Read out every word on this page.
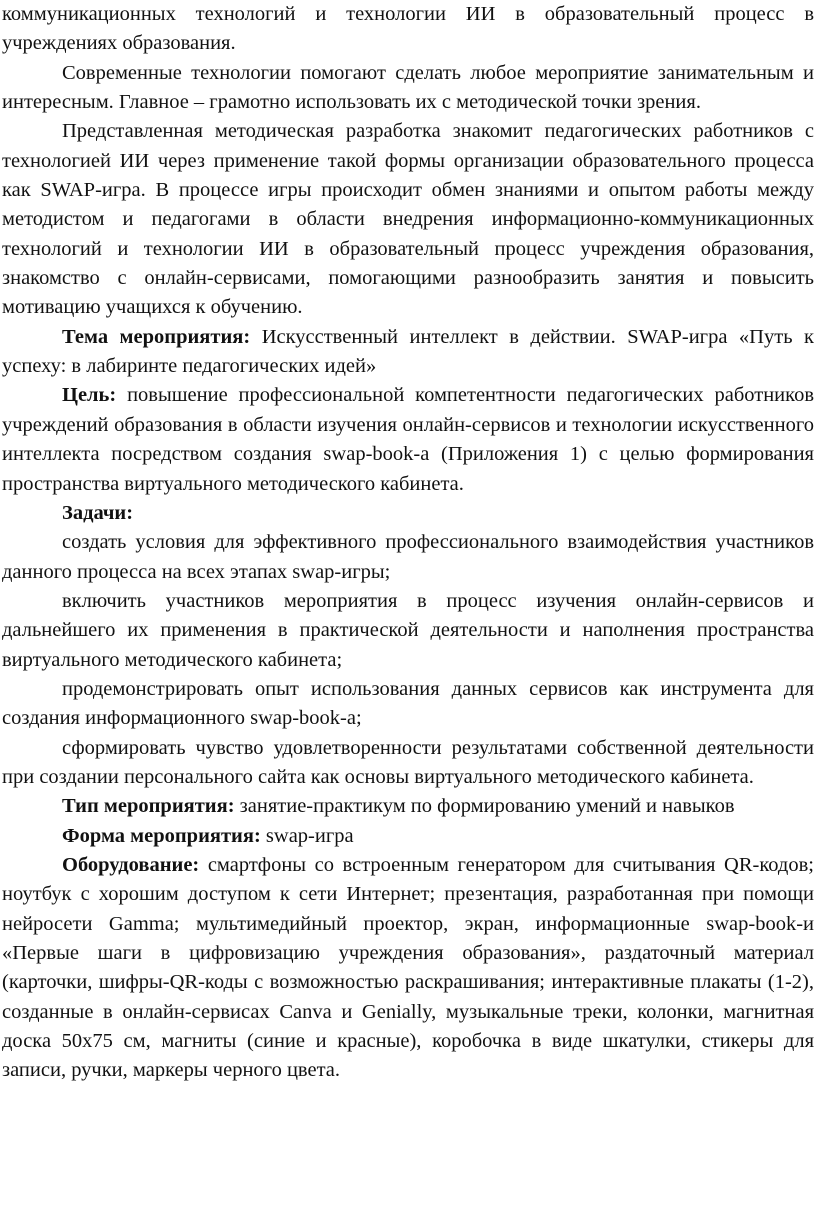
коммуникационных технологий и технологии ИИ в образовательный процесс в учреждениях образования.

Современные технологии помогают сделать любое мероприятие занимательным и интересным. Главное – грамотно использовать их с методической точки зрения.

Представленная методическая разработка знакомит педагогических работников с технологией ИИ через применение такой формы организации образовательного процесса как SWAP-игра. В процессе игры происходит обмен знаниями и опытом работы между методистом и педагогами в области внедрения информационно-коммуникационных технологий и технологии ИИ в образовательный процесс учреждения образования, знакомство с онлайн-сервисами, помогающими разнообразить занятия и повысить мотивацию учащихся к обучению.

Тема мероприятия: Искусственный интеллект в действии. SWAP-игра «Путь к успеху: в лабиринте педагогических идей»

Цель: повышение профессиональной компетентности педагогических работников учреждений образования в области изучения онлайн-сервисов и технологии искусственного интеллекта посредством создания swap-book-а (Приложения 1) с целью формирования пространства виртуального методического кабинета.

Задачи:

создать условия для эффективного профессионального взаимодействия участников данного процесса на всех этапах swap-игры;

включить участников мероприятия в процесс изучения онлайн-сервисов и дальнейшего их применения в практической деятельности и наполнения пространства виртуального методического кабинета;

продемонстрировать опыт использования данных сервисов как инструмента для создания информационного swap-book-а;

сформировать чувство удовлетворенности результатами собственной деятельности при создании персонального сайта как основы виртуального методического кабинета.

Тип мероприятия: занятие-практикум по формированию умений и навыков

Форма мероприятия: swap-игра

Оборудование: смартфоны со встроенным генератором для считывания QR-кодов; ноутбук с хорошим доступом к сети Интернет; презентация, разработанная при помощи нейросети Gamma; мультимедийный проектор, экран, информационные swap-book-и «Первые шаги в цифровизацию учреждения образования», раздаточный материал (карточки, шифры-QR-коды с возможностью раскрашивания; интерактивные плакаты (1-2), созданные в онлайн-сервисах Canva и Genially, музыкальные треки, колонки, магнитная доска 50х75 см, магниты (синие и красные), коробочка в виде шкатулки, стикеры для записи, ручки, маркеры черного цвета.
